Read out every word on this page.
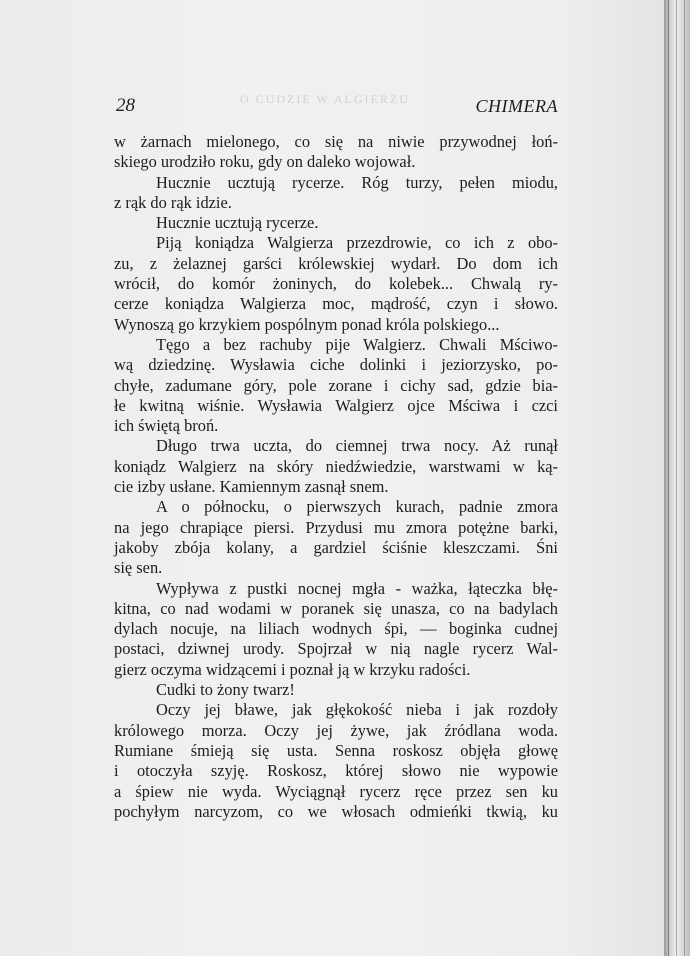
O CUDZIE W ALGIERZU
28	CHIMERA
w żarnach mielonego, co się na niwie przywodnej łoń-
skiego urodziło roku, gdy on daleko wojował.
Hucznie ucztują rycerze. Róg turzy, pełen miodu,
z rąk do rąk idzie.
Hucznie ucztują rycerze.
Piją koniądza Walgierza przezdrowie, co ich z obo-
zu, z żelaznej garści królewskiej wydarł. Do dom ich
wrócił, do komór żoninych, do kolebek... Chwalą ry-
cerze koniądza Walgierza moc, mądrość, czyn i słowo.
Wynoszą go krzykiem pospólnym ponad króla polskiego...
Tęgo a bez rachuby pije Walgierz. Chwali Mściwo-
wą dziedzinę. Wysławia ciche dolinki i jeziorzysko, po-
chyłe, zadumane góry, pole zorane i cichy sad, gdzie bia-
łe kwitną wiśnie. Wysławia Walgierz ojce Mściwa i czci
ich świętą broń.
Długo trwa uczta, do ciemnej trwa nocy. Aż runął
koniądz Walgierz na skóry niedźwiedzie, warstwami w ką-
cie izby usłane. Kamiennym zasnął snem.
A o północku, o pierwszych kurach, padnie zmora
na jego chrapiące piersi. Przydusi mu zmora potężne barki,
jakoby zbója kolany, a gardziel ściśnie kleszczami. Śni
się sen.
Wypływa z pustki nocnej mgła - ważka, łąteczka błę-
kitna, co nad wodami w poranek się unasza, co na badylach
dylach nocuje, na liliach wodnych śpi, — boginka cudnej
postaci, dziwnej urody. Spojrzał w nią nagle rycerz Wal-
gierz oczyma widzącemi i poznał ją w krzyku radości.
Cudki to żony twarz!
Oczy jej bławe, jak głękokość nieba i jak rozdoły
królowego morza. Oczy jej żywe, jak źródlana woda.
Rumiane śmieją się usta. Senna roskosz objęła głowę
i otoczyła szyję. Roskosz, której słowo nie wypowie
a śpiew nie wyda. Wyciągnął rycerz ręce przez sen ku
pochyłym narcyzom, co we włosach odmieńki tkwią, ku
